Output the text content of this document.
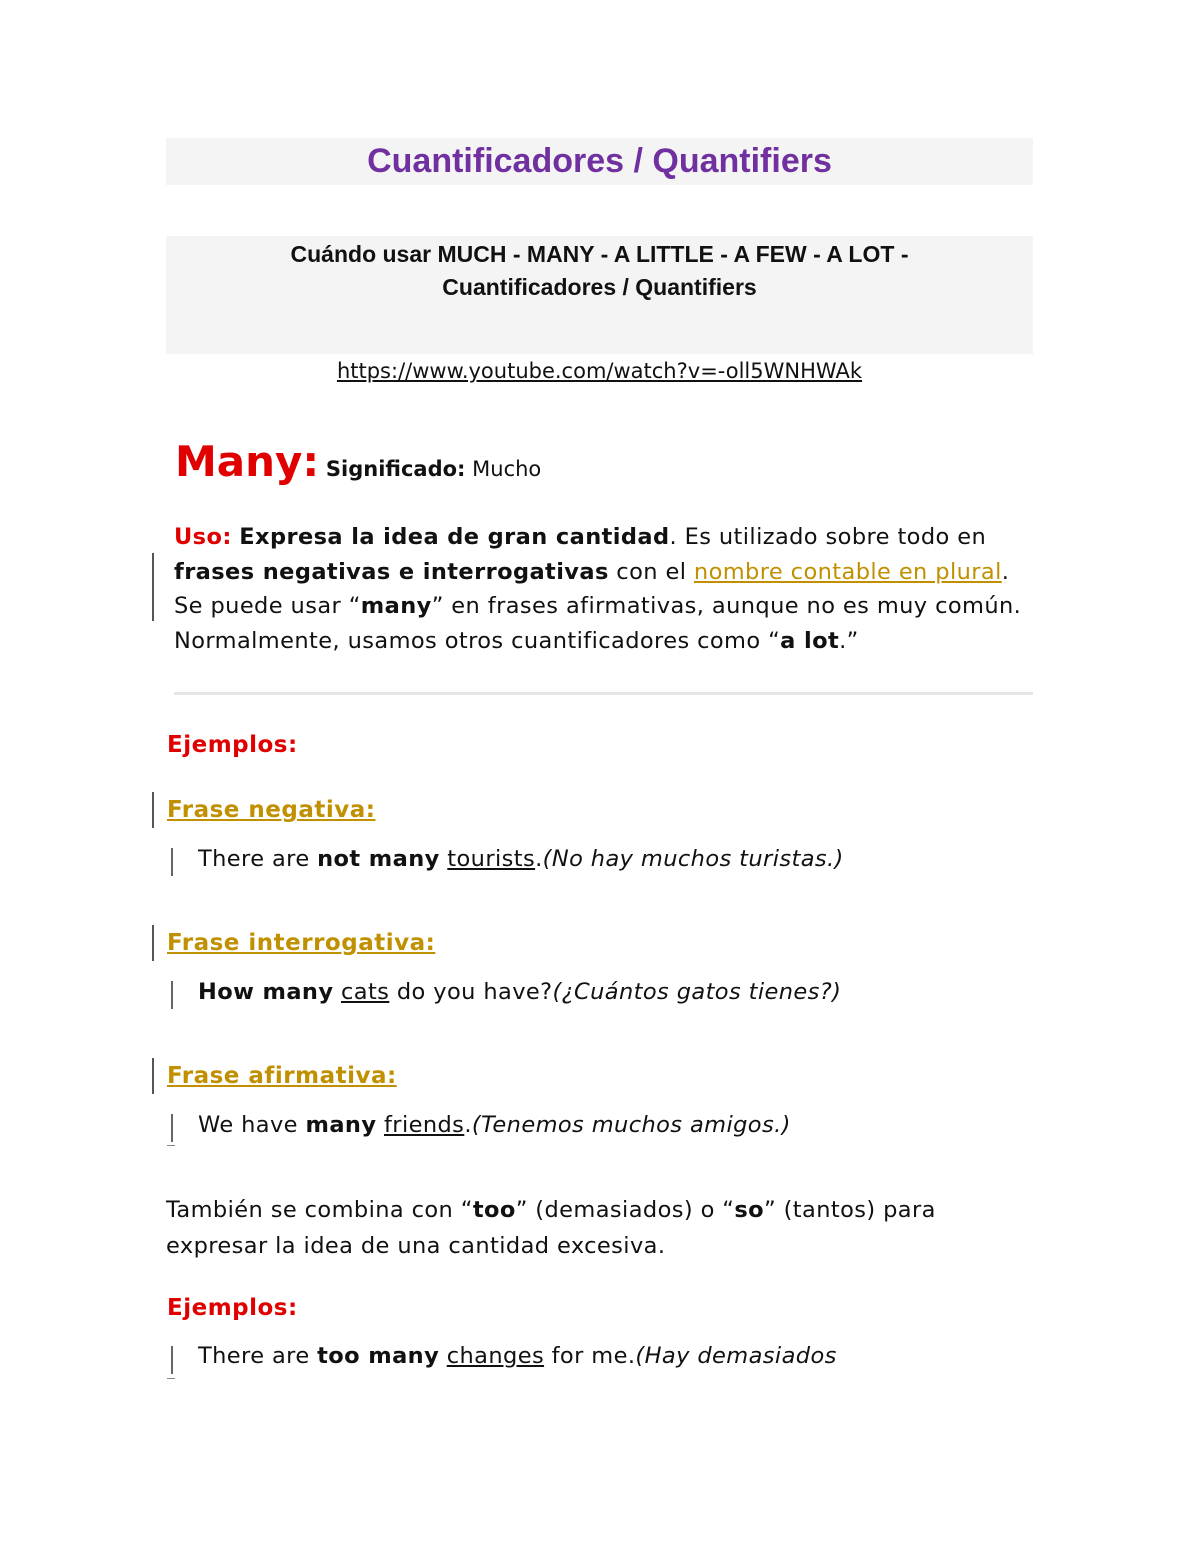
Cuantificadores / Quantifiers

Cuándo usar MUCH - MANY - A LITTLE - A FEW - A LOT -
Cuantificadores / Quantifiers

https://www.youtube.com/watch?v=-oll5WNHWAk
Many: Significado: Mucho
Uso: Expresa la idea de gran cantidad. Es utilizado sobre todo en frases negativas e interrogativas con el nombre contable en plural. Se puede usar “many” en frases afirmativas, aunque no es muy común. Normalmente, usamos otros cuantificadores como “a lot.”
Ejemplos:
Frase negativa:
There are not many tourists.(No hay muchos turistas.)
Frase interrogativa:
How many cats do you have?(¿Cuántos gatos tienes?)
Frase afirmativa:
We have many friends.(Tenemos muchos amigos.)
También se combina con “too” (demasiados) o “so” (tantos) para expresar la idea de una cantidad excesiva.
Ejemplos:
There are too many changes for me.(Hay demasiados
